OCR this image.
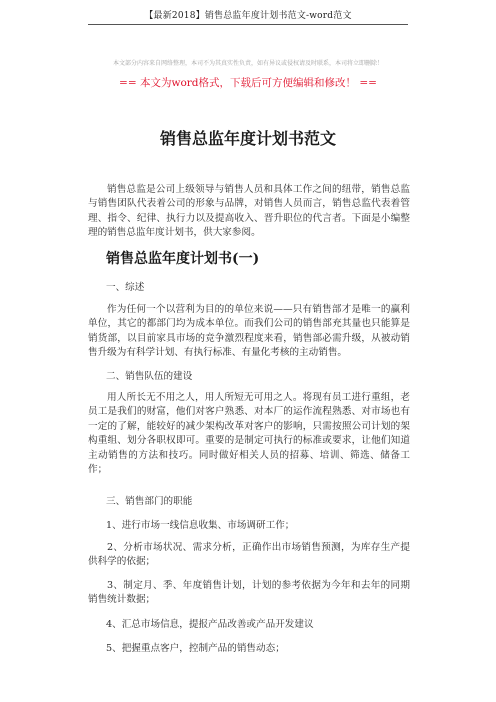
【最新2018】销售总监年度计划书范文-word范文
本文部分内容来自网络整理，本司不为其真实性负责，如有异议或侵权请及时联系，本司将立即删除！
== 本文为word格式，下载后可方便编辑和修改！ ==
销售总监年度计划书范文

销售总监是公司上级领导与销售人员和具体工作之间的纽带，销售总监与销售团队代表着公司的形象与品牌，对销售人员而言，销售总监代表着管理、指令、纪律、执行力以及提高收入、晋升职位的代言者。下面是小编整理的销售总监年度计划书，供大家参阅。

销售总监年度计划书(一)
一、综述

作为任何一个以营利为目的的单位来说——只有销售部才是唯一的赢利单位，其它的都部门均为成本单位。而我们公司的销售部充其量也只能算是销货部，以目前家具市场的竞争激烈程度来看，销售部必需升级，从被动销售升级为有科学计划、有执行标准、有量化考核的主动销售。

二、销售队伍的建设

用人所长无不用之人，用人所短无可用之人。将现有员工进行重组，老 员工是我们的财富，他们对客户熟悉、对本厂的运作流程熟悉、对市场也有一定的了解，能较好的减少架构改革对客户的影响，只需按照公司计划的架构重组、划分各职权即可。重要的是制定可执行的标准或要求，让他们知道主动销售的方法和技巧。同时做好相关人员的招募、培训、筛选、储备工作；

三、销售部门的职能
1、进行市场一线信息收集、市场调研工作；

2、分析市场状况、需求分析，正确作出市场销售预测，为库存生产提供科学的依据；

3、制定月、季、年度销售计划，计划的参考依据为今年和去年的同期销售统计数据；

4、汇总市场信息，提报产品改善或产品开发建议
5、把握重点客户，控制产品的销售动态；
